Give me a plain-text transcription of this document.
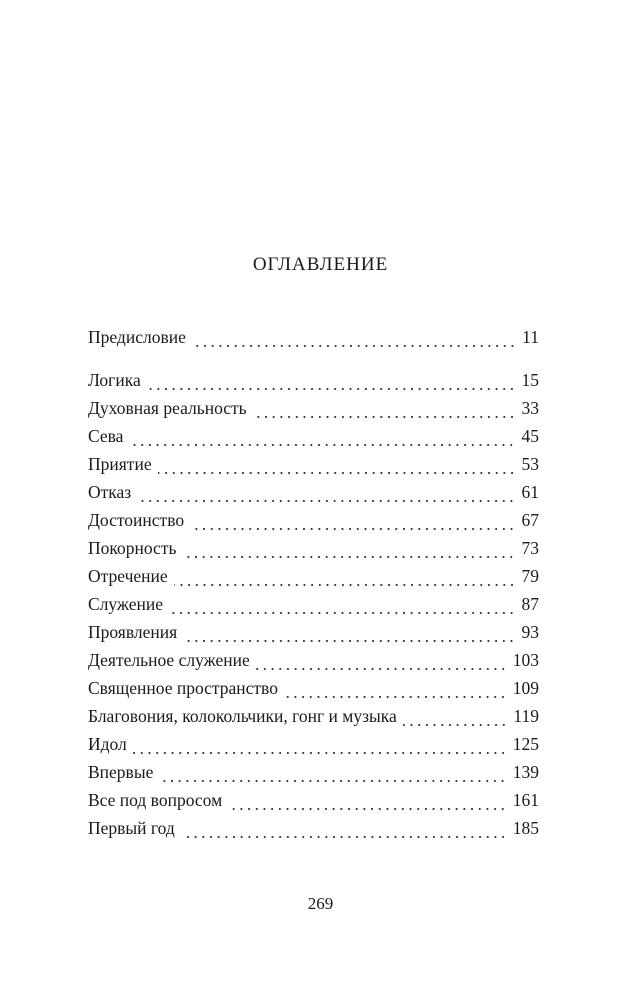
оглавление
Предисловие	11
Логика	15
Духовная реальность	33
Сева	45
Приятие	53
Отказ	61
Достоинство	67
Покорность	73
Отречение	79
Служение	87
Проявления	93
Деятельное служение	103
Священное пространство	109
Благовония, колокольчики, гонг и музыка	119
Идол	125
Впервые	139
Все под вопросом	161
Первый год	185
269
